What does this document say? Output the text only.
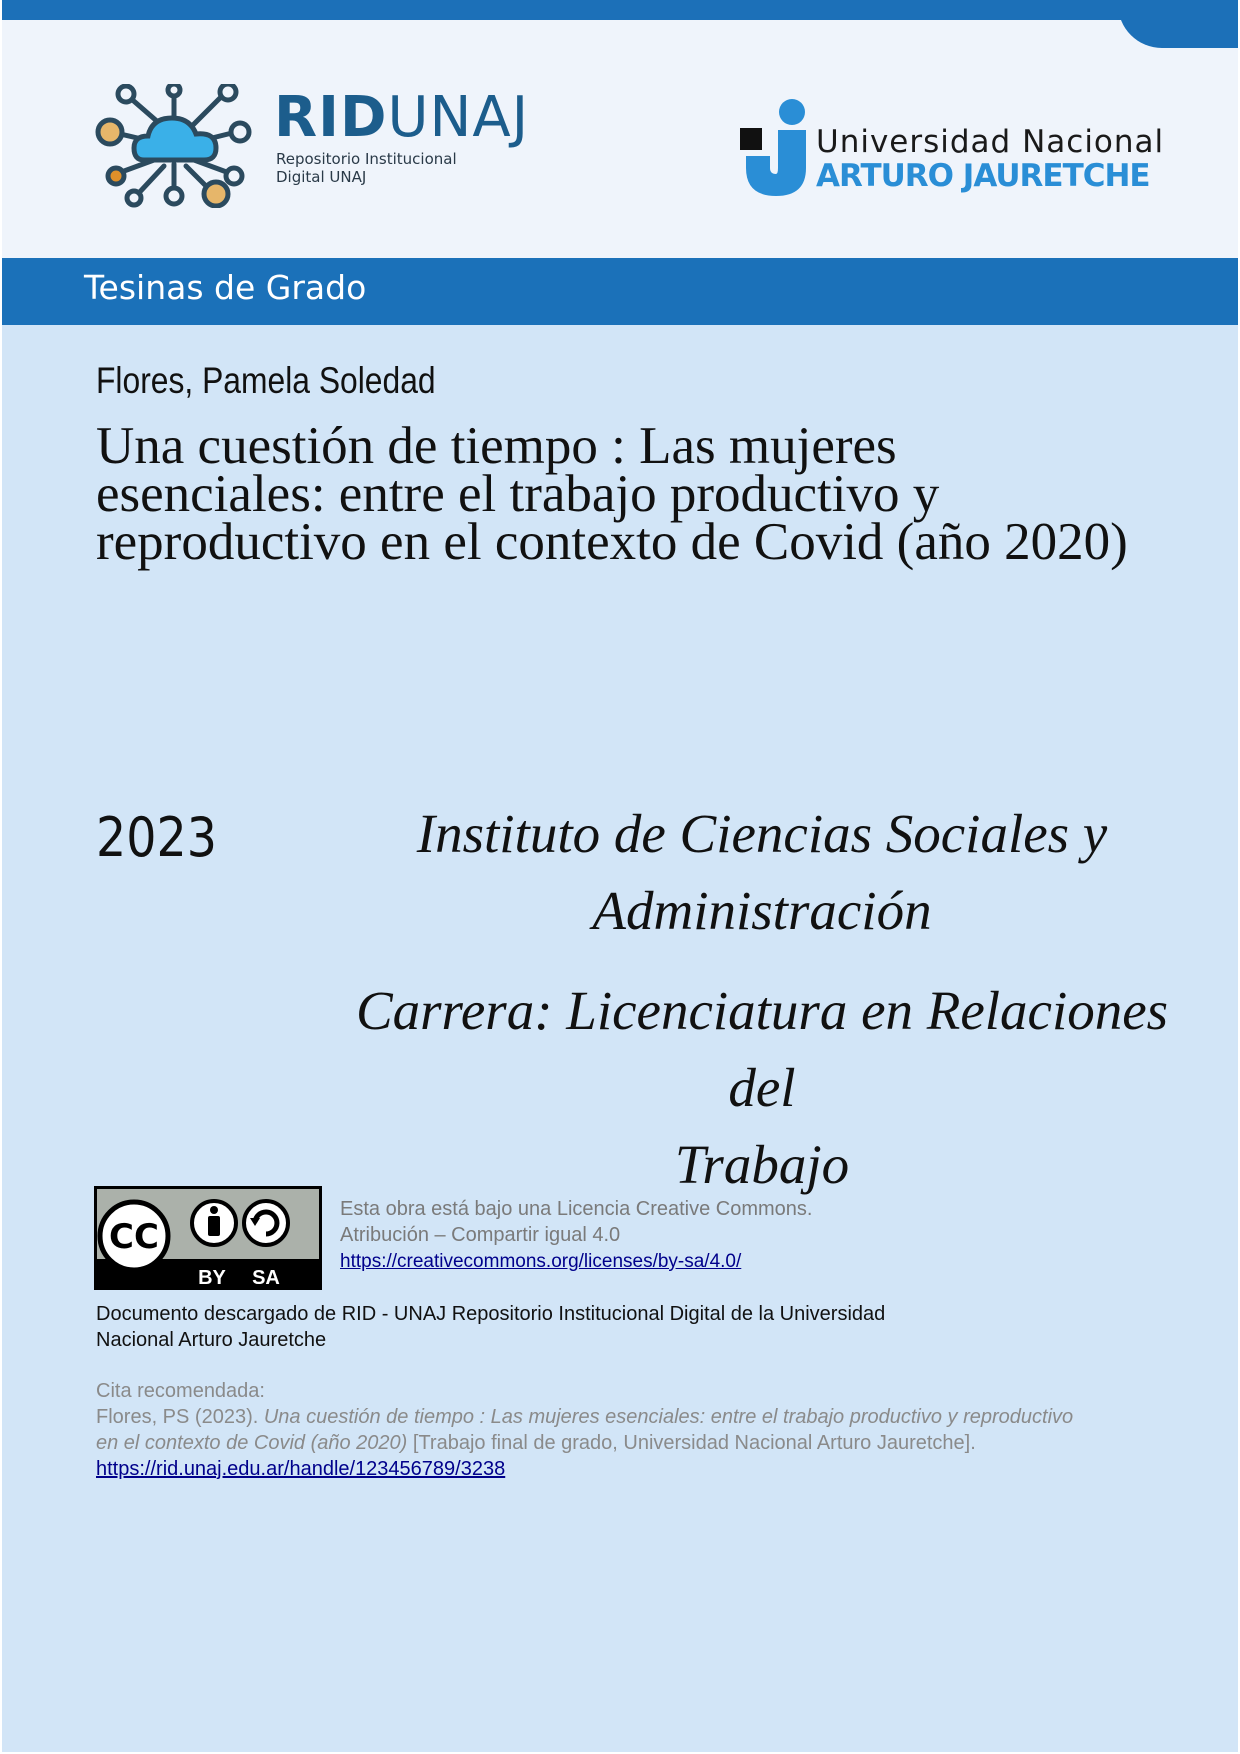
RIDUNAJ
Repositorio Institucional
Digital UNAJ
Universidad Nacional
ARTURO JAURETCHE
Tesinas de Grado
Flores, Pamela Soledad
Una cuestión de tiempo : Las mujeres
esenciales: entre el trabajo productivo y
reproductivo en el contexto de Covid (año 2020)
2023	Instituto de Ciencias Sociales y
Administración
Carrera: Licenciatura en Relaciones del
Trabajo
CC
BY SA
Esta obra está bajo una Licencia Creative Commons.
Atribución – Compartir igual 4.0
https://creativecommons.org/licenses/by-sa/4.0/
Documento descargado de RID - UNAJ Repositorio Institucional Digital de la Universidad
Nacional Arturo Jauretche
Cita recomendada:
Flores, PS (2023). Una cuestión de tiempo : Las mujeres esenciales: entre el trabajo productivo y reproductivo
en el contexto de Covid (año 2020) [Trabajo final de grado, Universidad Nacional Arturo Jauretche].
https://rid.unaj.edu.ar/handle/123456789/3238
